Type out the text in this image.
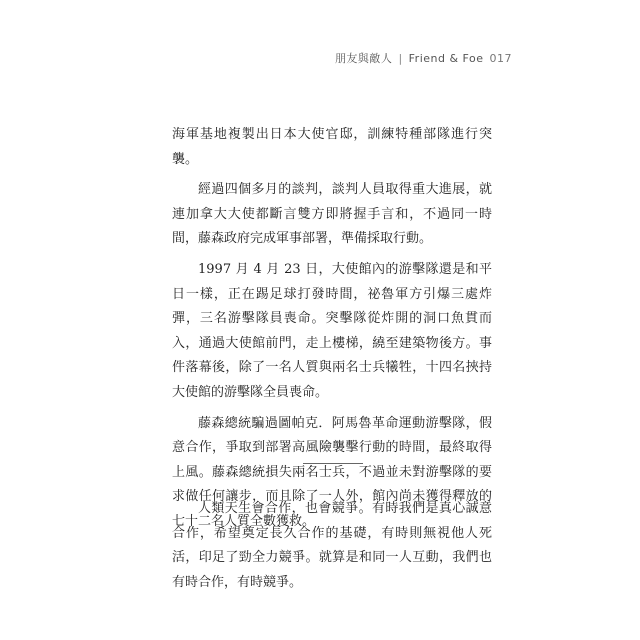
朋友與敵人 | Friend & Foe 017

海軍基地複製出日本大使官邸，訓練特種部隊進行突襲。

經過四個多月的談判，談判人員取得重大進展，就連加拿大大使都斷言雙方即將握手言和，不過同一時間，藤森政府完成軍事部署，準備採取行動。

1997 月 4 月 23 日，大使館內的游擊隊還是和平日一樣，正在踢足球打發時間，祕魯軍方引爆三處炸彈，三名游擊隊員喪命。突擊隊從炸開的洞口魚貫而入，通過大使館前門，走上樓梯，繞至建築物後方。事件落幕後，除了一名人質與兩名士兵犧牲，十四名挾持大使館的游擊隊全員喪命。

藤森總統騙過圖帕克．阿馬魯革命運動游擊隊，假意合作，爭取到部署高風險襲擊行動的時間，最終取得上風。藤森總統損失兩名士兵，不過並未對游擊隊的要求做任何讓步，而且除了一人外，館內尚未獲得釋放的七十二名人質全數獲救。

人類天生會合作，也會競爭。有時我們是真心誠意合作，希望奠定長久合作的基礎，有時則無視他人死活，印足了勁全力競爭。就算是和同一人互動，我們也有時合作，有時競爭。
